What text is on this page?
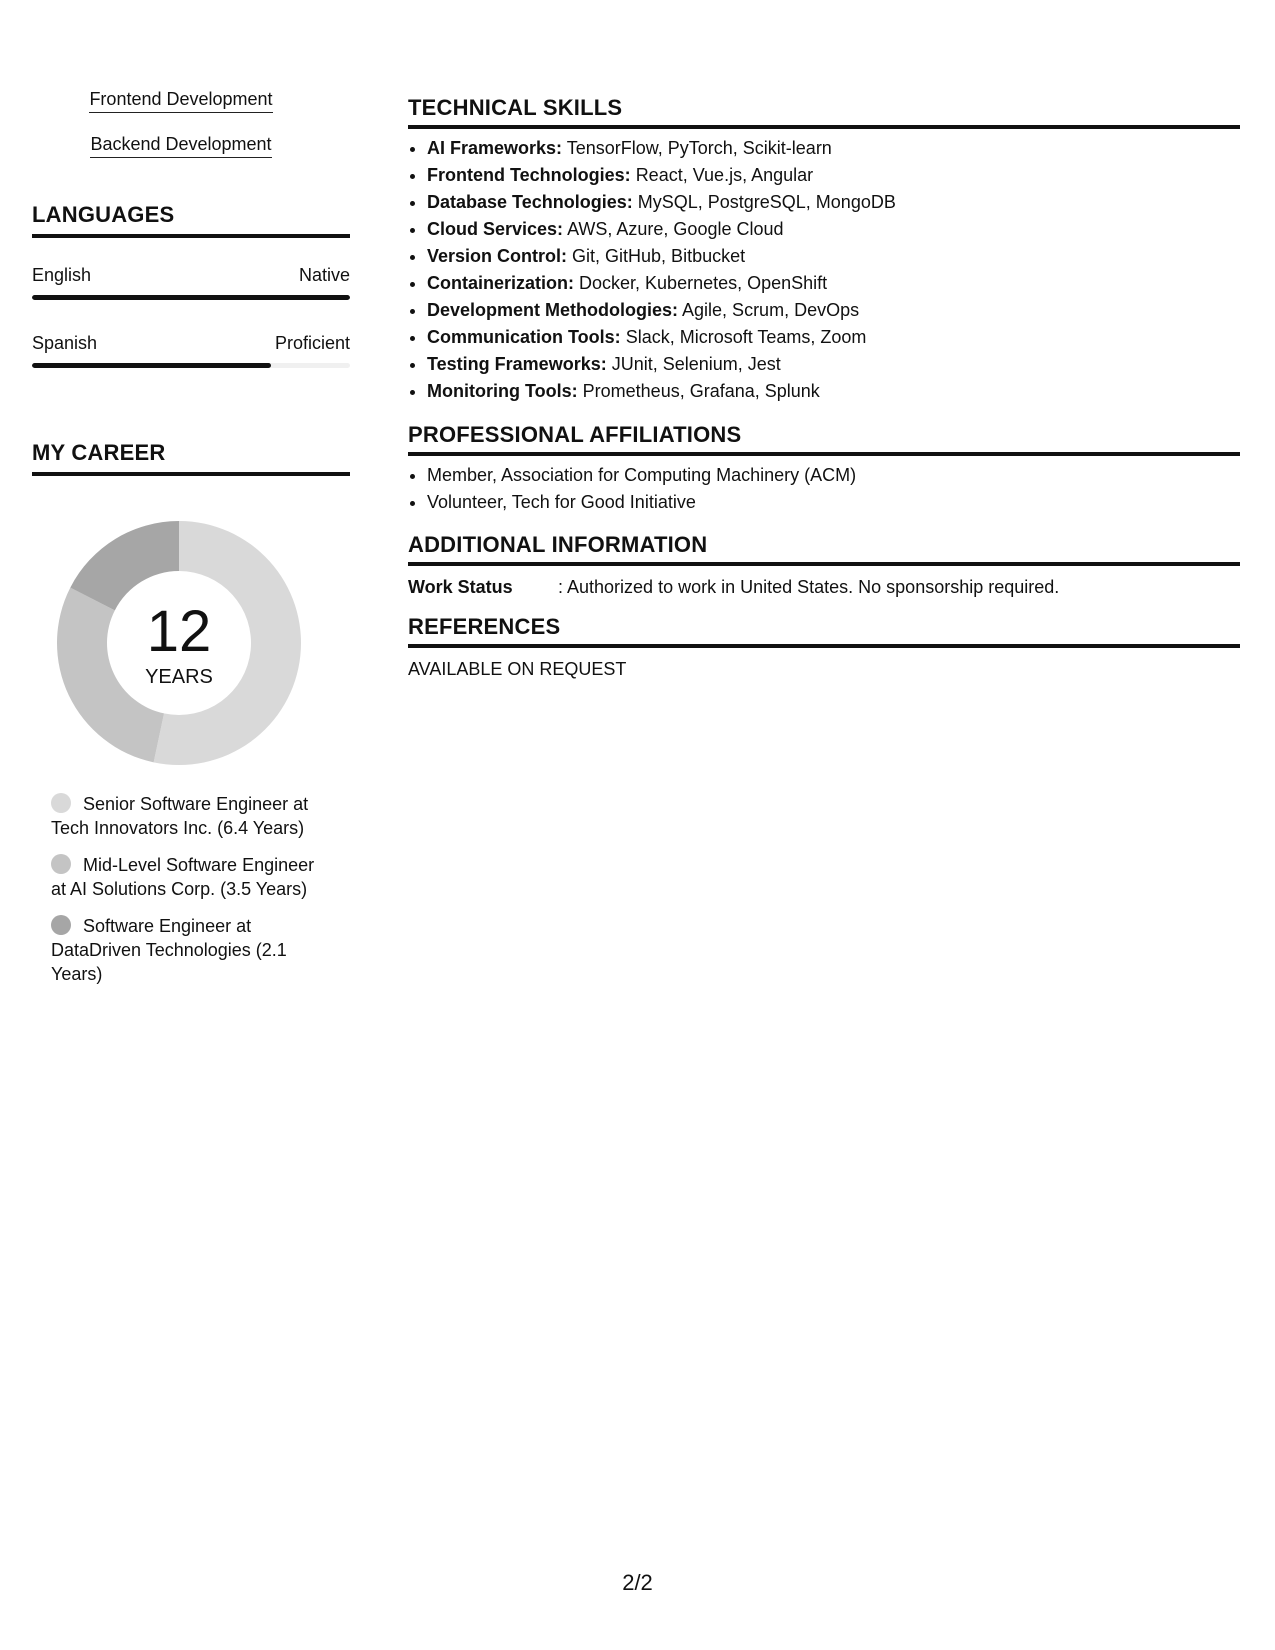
Frontend Development
Backend Development
LANGUAGES
English	Native
Spanish	Proficient
MY CAREER
12
YEARS
Senior Software Engineer at Tech Innovators Inc. (6.4 Years)
Mid-Level Software Engineer at AI Solutions Corp. (3.5 Years)
Software Engineer at DataDriven Technologies (2.1 Years)
TECHNICAL SKILLS
• AI Frameworks: TensorFlow, PyTorch, Scikit-learn
• Frontend Technologies: React, Vue.js, Angular
• Database Technologies: MySQL, PostgreSQL, MongoDB
• Cloud Services: AWS, Azure, Google Cloud
• Version Control: Git, GitHub, Bitbucket
• Containerization: Docker, Kubernetes, OpenShift
• Development Methodologies: Agile, Scrum, DevOps
• Communication Tools: Slack, Microsoft Teams, Zoom
• Testing Frameworks: JUnit, Selenium, Jest
• Monitoring Tools: Prometheus, Grafana, Splunk
PROFESSIONAL AFFILIATIONS
• Member, Association for Computing Machinery (ACM)
• Volunteer, Tech for Good Initiative
ADDITIONAL INFORMATION
Work Status	: Authorized to work in United States. No sponsorship required.
REFERENCES
AVAILABLE ON REQUEST
2/2
